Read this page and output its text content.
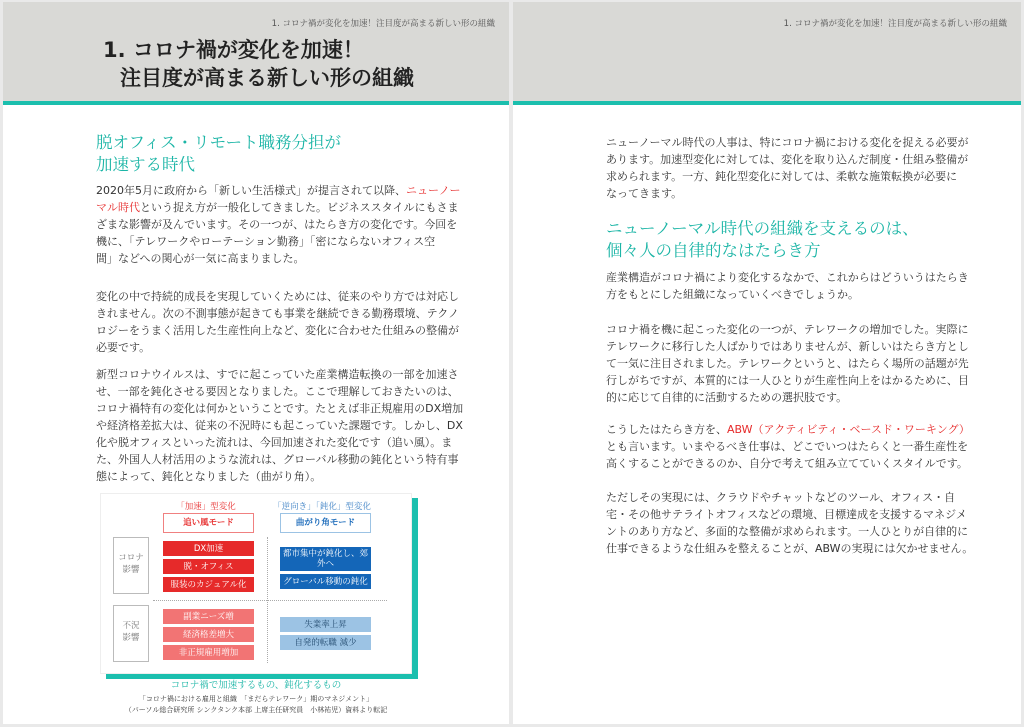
1. コロナ禍が変化を加速！注目度が高まる新しい形の組織
1. コロナ禍が変化を加速！
注目度が高まる新しい形の組織
脱オフィス・リモート職務分担が
加速する時代
2020年5月に政府から「新しい生活様式」が提言されて以降、ニューノー
マル時代という捉え方が一般化してきました。ビジネススタイルにもさま
ざまな影響が及んでいます。その一つが、はたらき方の変化です。今回を
機に、「テレワークやローテーション勤務」「密にならないオフィス空
間」などへの関心が一気に高まりました。
変化の中で持続的成長を実現していくためには、従来のやり方では対応し
きれません。次の不測事態が起きても事業を継続できる勤務環境、テクノ
ロジーをうまく活用した生産性向上など、変化に合わせた仕組みの整備が
必要です。
新型コロナウイルスは、すでに起こっていた産業構造転換の一部を加速さ
せ、一部を鈍化させる要因となりました。ここで理解しておきたいのは、
コロナ禍特有の変化は何かということです。たとえば非正規雇用のDX増加
や経済格差拡大は、従来の不況時にも起こっていた課題です。しかし、DX
化や脱オフィスといった流れは、今回加速された変化です（追い風）。ま
た、外国人人材活用のような流れは、グローバル移動の鈍化という特有事
態によって、鈍化となりました（曲がり角）。
「加速」型変化	「逆向き」「鈍化」型変化
追い風モード	曲がり角モード
コロナ
影響
不況
影響
DX加速
脱・オフィス
服装のカジュアル化
都市集中が鈍化し、郊外へ
グローバル移動の鈍化
副業ニーズ増
経済格差増大
非正規雇用増加
失業率上昇
自発的転職 減少
コロナ禍で加速するもの、鈍化するもの
「コロナ禍における雇用と組織　「まだらテレワーク」期のマネジメント」
（パーソル総合研究所 シンクタンク本部 上席主任研究員　小林祐児）資料より転記
1. コロナ禍が変化を加速！注目度が高まる新しい形の組織
ニューノーマル時代の人事は、特にコロナ禍における変化を捉える必要が
あります。加速型変化に対しては、変化を取り込んだ制度・仕組み整備が
求められます。一方、鈍化型変化に対しては、柔軟な施策転換が必要に
なってきます。
ニューノーマル時代の組織を支えるのは、
個々人の自律的なはたらき方
産業構造がコロナ禍により変化するなかで、これからはどういうはたらき
方をもとにした組織になっていくべきでしょうか。
コロナ禍を機に起こった変化の一つが、テレワークの増加でした。実際に
テレワークに移行した人ばかりではありませんが、新しいはたらき方とし
て一気に注目されました。テレワークというと、はたらく場所の話題が先
行しがちですが、本質的には一人ひとりが生産性向上をはかるために、目
的に応じて自律的に活動するための選択肢です。
こうしたはたらき方を、ABW（アクティビティ・ベースド・ワーキング）
とも言います。いまやるべき仕事は、どこでいつはたらくと一番生産性を
高くすることができるのか、自分で考えて組み立てていくスタイルです。
ただしその実現には、クラウドやチャットなどのツール、オフィス・自
宅・その他サテライトオフィスなどの環境、目標達成を支援するマネジメ
ントのあり方など、多面的な整備が求められます。一人ひとりが自律的に
仕事できるような仕組みを整えることが、ABWの実現には欠かせません。
